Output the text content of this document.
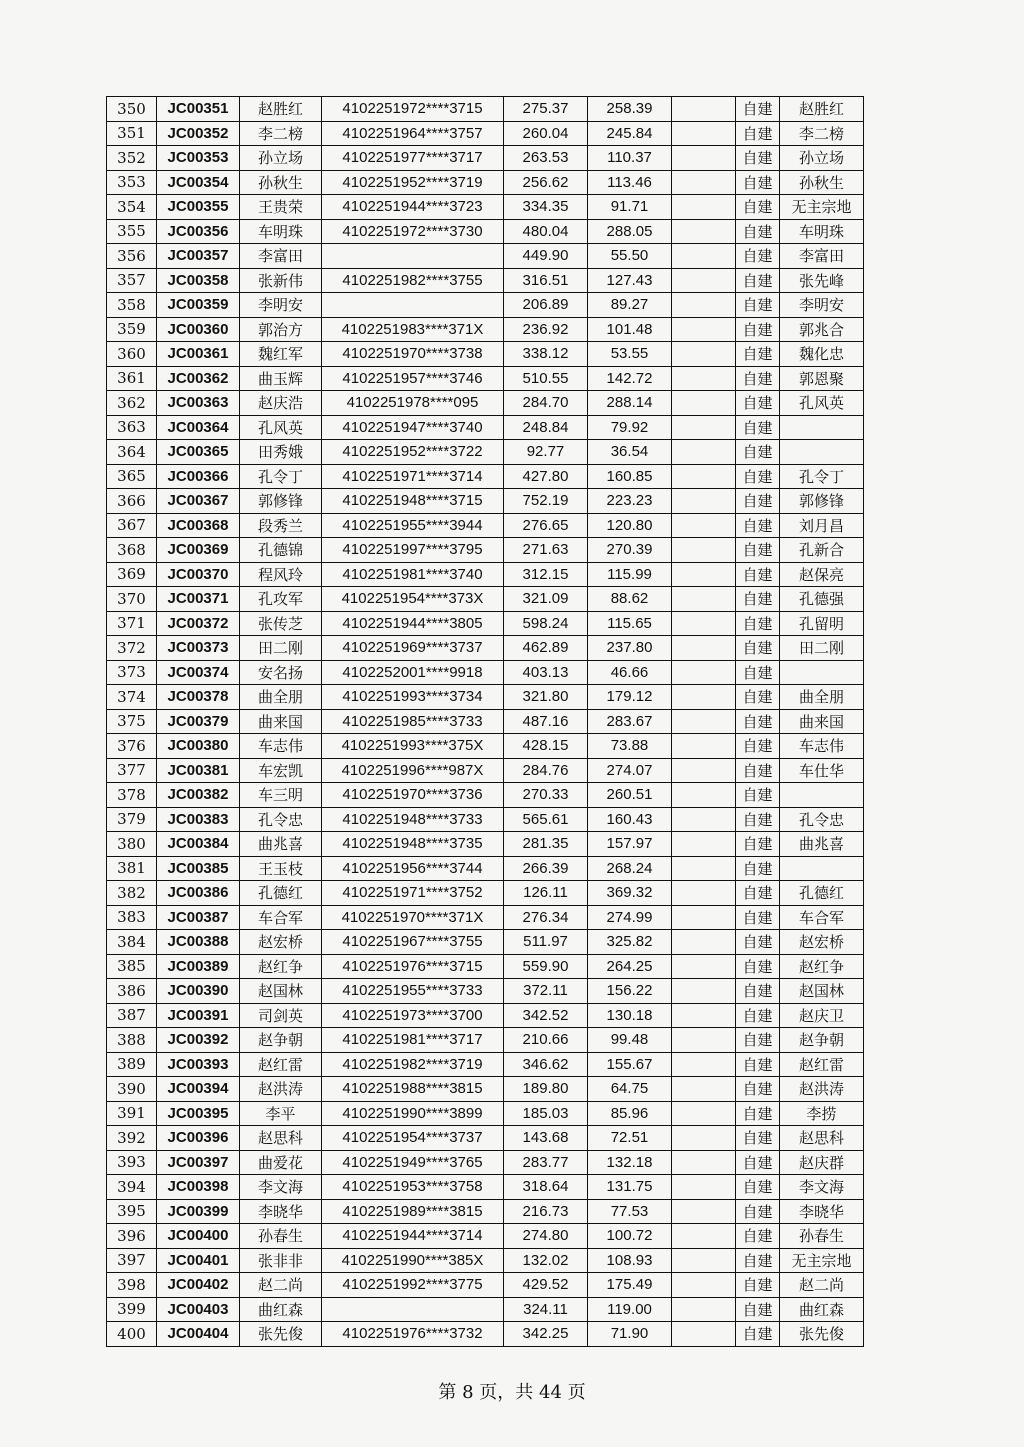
350	JC00351	赵胜红	4102251972****3715	275.37	258.39		自建	赵胜红
351	JC00352	李二榜	4102251964****3757	260.04	245.84		自建	李二榜
352	JC00353	孙立场	4102251977****3717	263.53	110.37		自建	孙立场
353	JC00354	孙秋生	4102251952****3719	256.62	113.46		自建	孙秋生
354	JC00355	王贵荣	4102251944****3723	334.35	91.71		自建	无主宗地
355	JC00356	车明珠	4102251972****3730	480.04	288.05		自建	车明珠
356	JC00357	李富田		449.90	55.50		自建	李富田
357	JC00358	张新伟	4102251982****3755	316.51	127.43		自建	张先峰
358	JC00359	李明安		206.89	89.27		自建	李明安
359	JC00360	郭治方	4102251983****371X	236.92	101.48		自建	郭兆合
360	JC00361	魏红军	4102251970****3738	338.12	53.55		自建	魏化忠
361	JC00362	曲玉辉	4102251957****3746	510.55	142.72		自建	郭恩聚
362	JC00363	赵庆浩	4102251978****095	284.70	288.14		自建	孔风英
363	JC00364	孔风英	4102251947****3740	248.84	79.92		自建	
364	JC00365	田秀娥	4102251952****3722	92.77	36.54		自建	
365	JC00366	孔令丁	4102251971****3714	427.80	160.85		自建	孔令丁
366	JC00367	郭修锋	4102251948****3715	752.19	223.23		自建	郭修锋
367	JC00368	段秀兰	4102251955****3944	276.65	120.80		自建	刘月昌
368	JC00369	孔德锦	4102251997****3795	271.63	270.39		自建	孔新合
369	JC00370	程风玲	4102251981****3740	312.15	115.99		自建	赵保亮
370	JC00371	孔攻军	4102251954****373X	321.09	88.62		自建	孔德强
371	JC00372	张传芝	4102251944****3805	598.24	115.65		自建	孔留明
372	JC00373	田二刚	4102251969****3737	462.89	237.80		自建	田二刚
373	JC00374	安名扬	4102252001****9918	403.13	46.66		自建	
374	JC00378	曲全朋	4102251993****3734	321.80	179.12		自建	曲全朋
375	JC00379	曲来国	4102251985****3733	487.16	283.67		自建	曲来国
376	JC00380	车志伟	4102251993****375X	428.15	73.88		自建	车志伟
377	JC00381	车宏凯	4102251996****987X	284.76	274.07		自建	车仕华
378	JC00382	车三明	4102251970****3736	270.33	260.51		自建	
379	JC00383	孔令忠	4102251948****3733	565.61	160.43		自建	孔令忠
380	JC00384	曲兆喜	4102251948****3735	281.35	157.97		自建	曲兆喜
381	JC00385	王玉枝	4102251956****3744	266.39	268.24		自建	
382	JC00386	孔德红	4102251971****3752	126.11	369.32		自建	孔德红
383	JC00387	车合军	4102251970****371X	276.34	274.99		自建	车合军
384	JC00388	赵宏桥	4102251967****3755	511.97	325.82		自建	赵宏桥
385	JC00389	赵红争	4102251976****3715	559.90	264.25		自建	赵红争
386	JC00390	赵国林	4102251955****3733	372.11	156.22		自建	赵国林
387	JC00391	司剑英	4102251973****3700	342.52	130.18		自建	赵庆卫
388	JC00392	赵争朝	4102251981****3717	210.66	99.48		自建	赵争朝
389	JC00393	赵红雷	4102251982****3719	346.62	155.67		自建	赵红雷
390	JC00394	赵洪涛	4102251988****3815	189.80	64.75		自建	赵洪涛
391	JC00395	李平	4102251990****3899	185.03	85.96		自建	李捞
392	JC00396	赵思科	4102251954****3737	143.68	72.51		自建	赵思科
393	JC00397	曲爱花	4102251949****3765	283.77	132.18		自建	赵庆群
394	JC00398	李文海	4102251953****3758	318.64	131.75		自建	李文海
395	JC00399	李晓华	4102251989****3815	216.73	77.53		自建	李晓华
396	JC00400	孙春生	4102251944****3714	274.80	100.72		自建	孙春生
397	JC00401	张非非	4102251990****385X	132.02	108.93		自建	无主宗地
398	JC00402	赵二尚	4102251992****3775	429.52	175.49		自建	赵二尚
399	JC00403	曲红森		324.11	119.00		自建	曲红森
400	JC00404	张先俊	4102251976****3732	342.25	71.90		自建	张先俊
第 8 页，共 44 页
